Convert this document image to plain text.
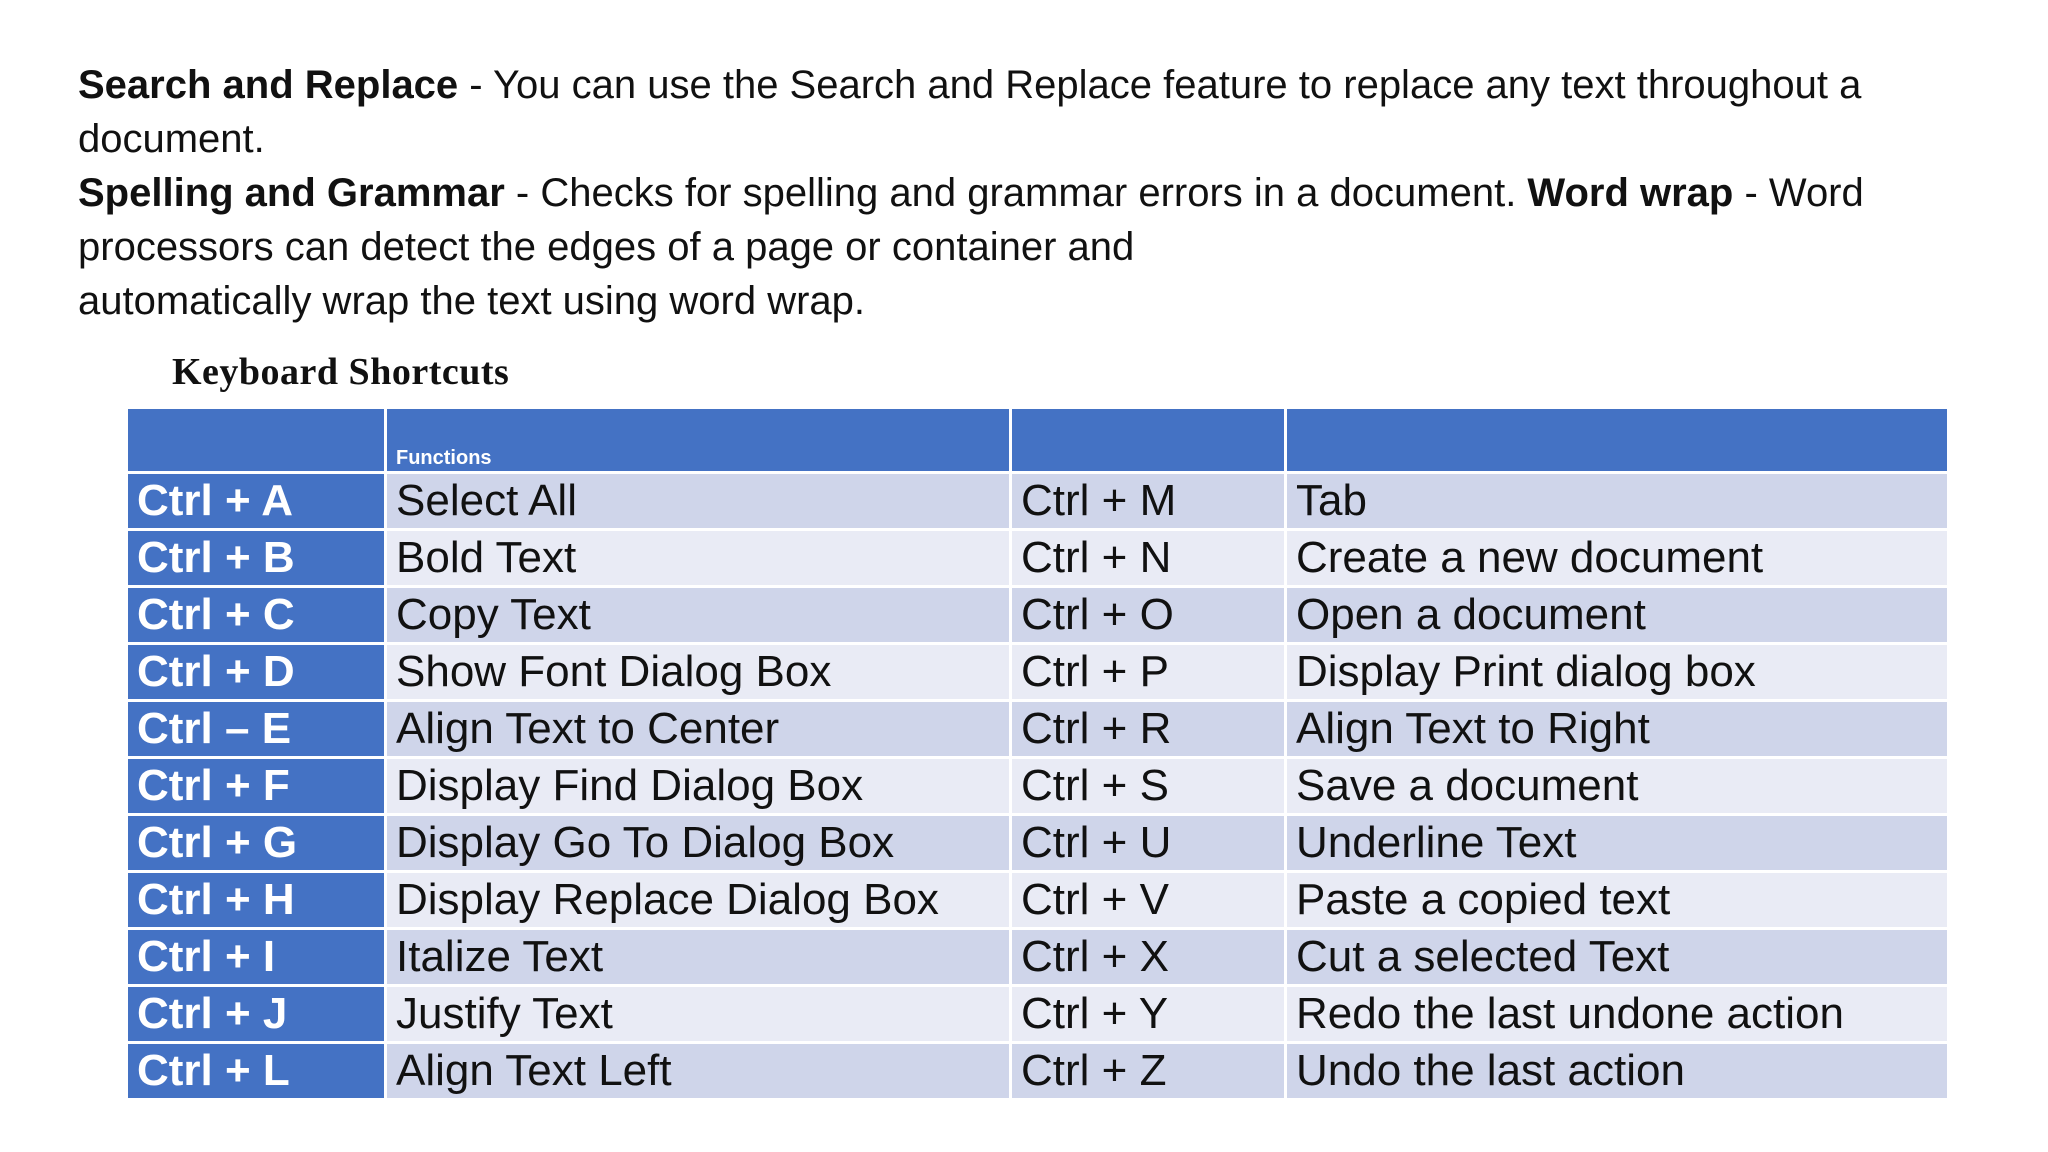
Search and Replace - You can use the Search and Replace feature to replace any text throughout a document.

Spelling and Grammar - Checks for spelling and grammar errors in a document. Word wrap - Word processors can detect the edges of a page or container and

automatically wrap the text using word wrap.

Keyboard Shortcuts
	Functions		
Ctrl + A	Select All	Ctrl + M	Tab
Ctrl + B	Bold Text	Ctrl + N	Create a new document
Ctrl + C	Copy Text	Ctrl + O	Open a document
Ctrl + D	Show Font Dialog Box	Ctrl + P	Display Print dialog box
Ctrl – E	Align Text to Center	Ctrl + R	Align Text to Right
Ctrl + F	Display Find Dialog Box	Ctrl + S	Save a document
Ctrl + G	Display Go To Dialog Box	Ctrl + U	Underline Text
Ctrl + H	Display Replace Dialog Box	Ctrl + V	Paste a copied text
Ctrl + I	Italize Text	Ctrl + X	Cut a selected Text
Ctrl + J	Justify Text	Ctrl + Y	Redo the last undone action
Ctrl + L	Align Text Left	Ctrl + Z	Undo the last action
